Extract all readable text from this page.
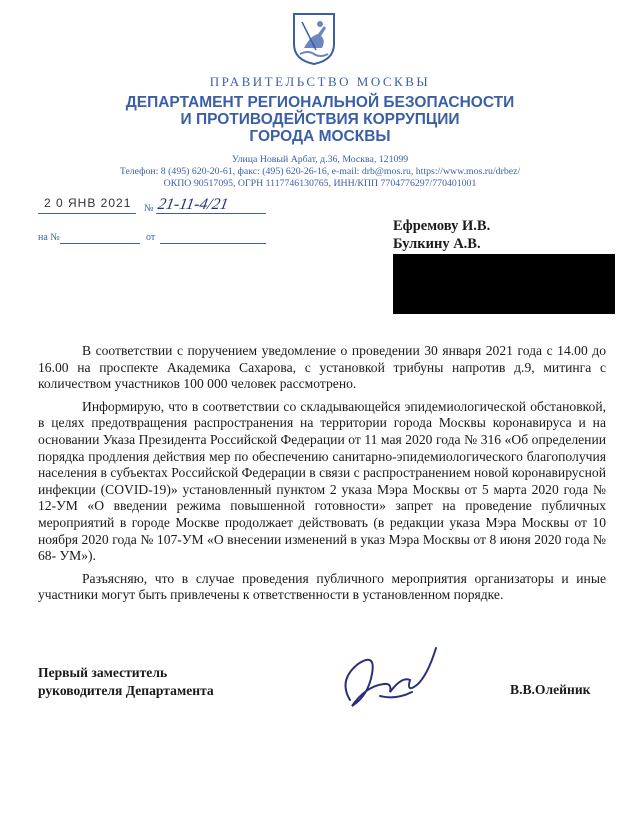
ПРАВИТЕЛЬСТВО МОСКВЫ
ДЕПАРТАМЕНТ РЕГИОНАЛЬНОЙ БЕЗОПАСНОСТИ
И ПРОТИВОДЕЙСТВИЯ КОРРУПЦИИ
ГОРОДА МОСКВЫ
Улица Новый Арбат, д.36, Москва, 121099
Телефон: 8 (495) 620-20-61, факс: (495) 620-26-16, e-mail: drb@mos.ru, https://www.mos.ru/drbez/
ОКПО 90517095, ОГРН 1117746130765, ИНН/КПП 7704776297/770401001
2 0 ЯНВ 2021 № 21-11-4/21
на №	от
Ефремову И.В.
Булкину А.В.

В соответствии с поручением уведомление о проведении 30 января 2021 года с 14.00 до 16.00 на проспекте Академика Сахарова, с установкой трибуны напротив д.9, митинга с количеством участников 100 000 человек рассмотрено.

Информирую, что в соответствии со складывающейся эпидемиологической обстановкой, в целях предотвращения распространения на территории города Москвы коронавируса и на основании Указа Президента Российской Федерации от 11 мая 2020 года № 316 «Об определении порядка продления действия мер по обеспечению санитарно-эпидемиологического благополучия населения в субъектах Российской Федерации в связи с распространением новой коронавирусной инфекции (COVID-19)» установленный пунктом 2 указа Мэра Москвы от 5 марта 2020 года № 12-УМ «О введении режима повышенной готовности» запрет на проведение публичных мероприятий в городе Москве продолжает действовать (в редакции указа Мэра Москвы от 10 ноября 2020 года № 107-УМ «О внесении изменений в указ Мэра Москвы от 8 июня 2020 года № 68- УМ»).

Разъясняю, что в случае проведения публичного мероприятия организаторы и иные участники могут быть привлечены к ответственности в установленном порядке.

Первый заместитель
руководителя Департамента	В.В.Олейник
